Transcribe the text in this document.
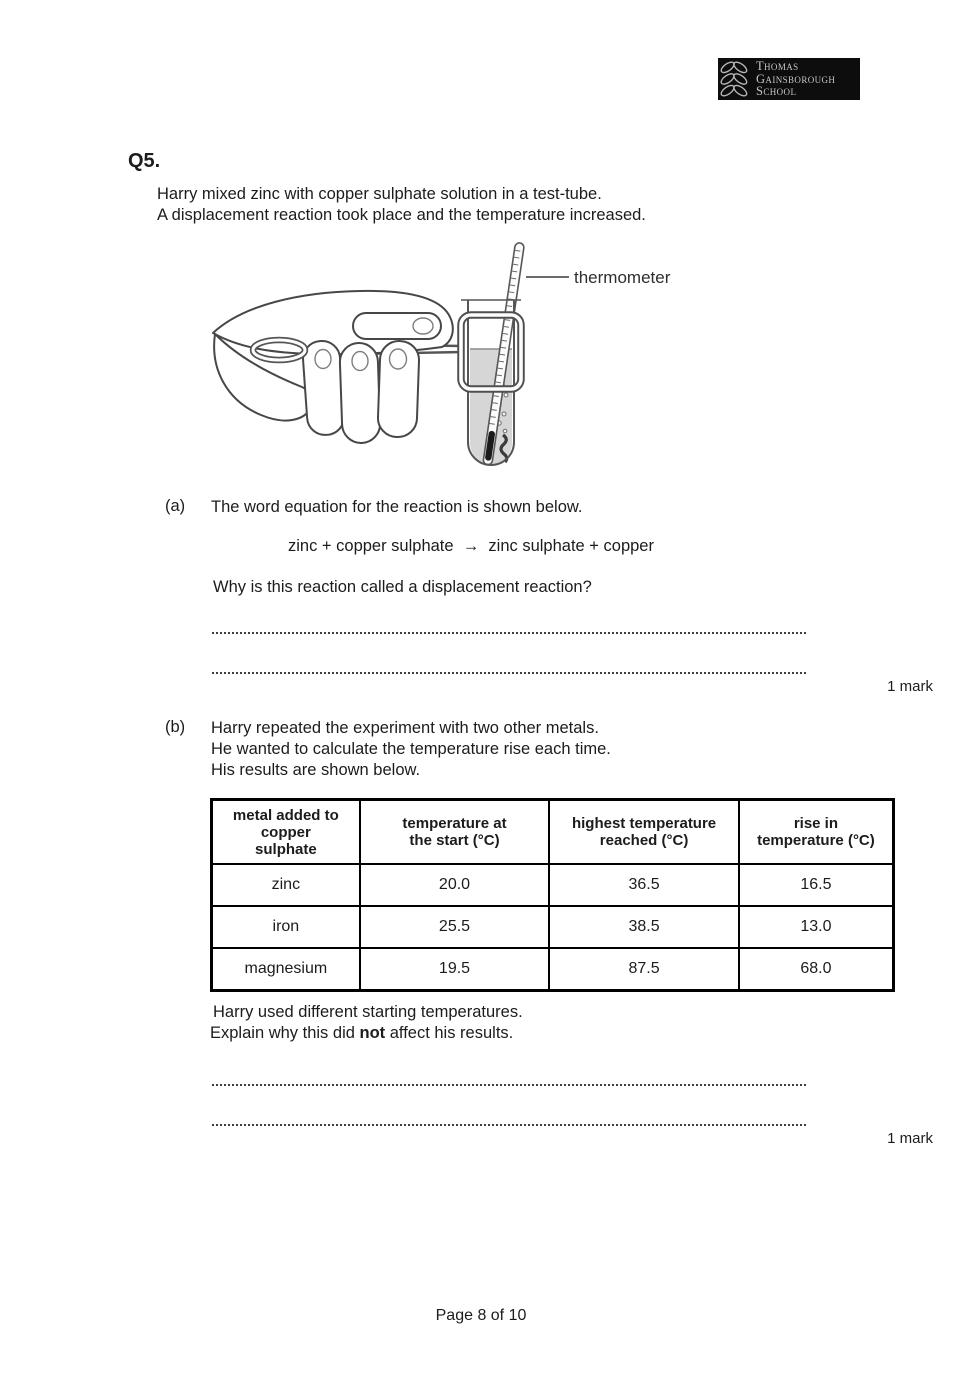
Thomas
Gainsborough
School
Q5.
Harry mixed zinc with copper sulphate solution in a test-tube.
A displacement reaction took place and the temperature increased.
thermometer
(a) The word equation for the reaction is shown below.
zinc + copper sulphate  →  zinc sulphate + copper
Why is this reaction called a displacement reaction?
1 mark
(b) Harry repeated the experiment with two other metals.
He wanted to calculate the temperature rise each time.
His results are shown below.
metal added to copper sulphate	temperature at the start (°C)	highest temperature reached (°C)	rise in temperature (°C)
zinc	20.0	36.5	16.5
iron	25.5	38.5	13.0
magnesium	19.5	87.5	68.0
Harry used different starting temperatures.
Explain why this did not affect his results.
1 mark
Page 8 of 10
